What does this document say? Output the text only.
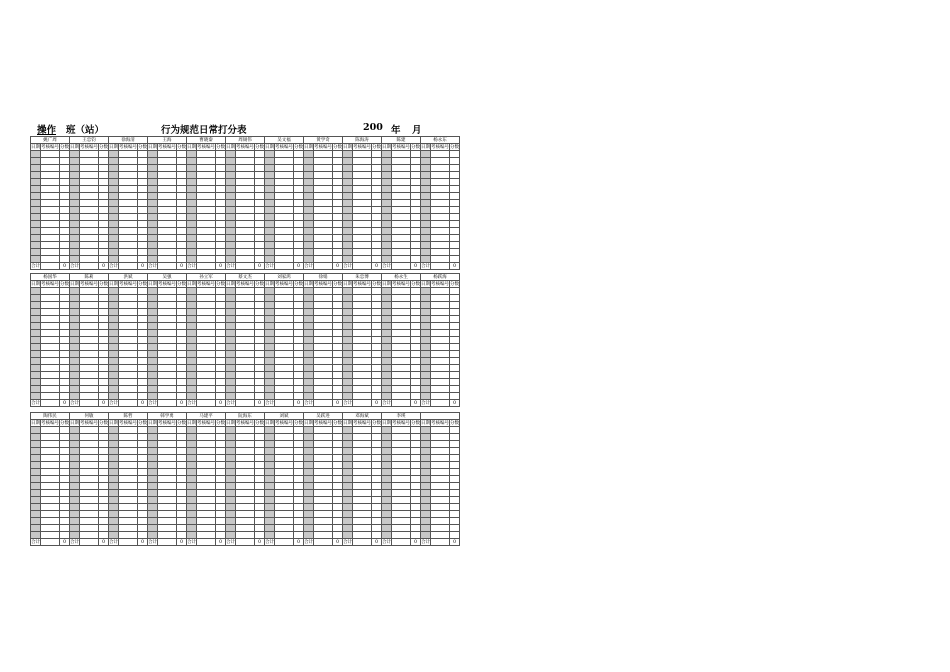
操作 班（站）	行为规范日常打分表	200 年 月
姚广周			王忠钧			徐海清			王海			曹晓秦			周锡伟			吴文福			黄学奇			陈海涛			陈建			杨永东		
日期	考核编号	分数	日期	考核编号	分数	日期	考核编号	分数	日期	考核编号	分数	日期	考核编号	分数	日期	考核编号	分数	日期	考核编号	分数	日期	考核编号	分数	日期	考核编号	分数	日期	考核编号	分数	日期	考核编号	分数

合计		0	合计		0	合计		0	合计		0	合计		0	合计		0	合计		0	合计		0	合计		0	合计		0	合计		0
杨国华			陈莉			洪斌			吴强			孙立军			蔡文杰			刘家鸿			徐娟			朱忠博			杨永生			杨跃海		
日期	考核编号	分数	日期	考核编号	分数	日期	考核编号	分数	日期	考核编号	分数	日期	考核编号	分数	日期	考核编号	分数	日期	考核编号	分数	日期	考核编号	分数	日期	考核编号	分数	日期	考核编号	分数	日期	考核编号	分数

合计		0	合计		0	合计		0	合计		0	合计		0	合计		0	合计		0	合计		0	合计		0	合计		0	合计		0
陶伟民			何敏			陈哲			韩学勇			马建平			阮海东			刘斌			吴跃进			邓海斌			李瑛					
日期	考核编号	分数	日期	考核编号	分数	日期	考核编号	分数	日期	考核编号	分数	日期	考核编号	分数	日期	考核编号	分数	日期	考核编号	分数	日期	考核编号	分数	日期	考核编号	分数	日期	考核编号	分数	日期	考核编号	分数

合计		0	合计		0	合计		0	合计		0	合计		0	合计		0	合计		0	合计		0	合计		0	合计		0	合计		0
